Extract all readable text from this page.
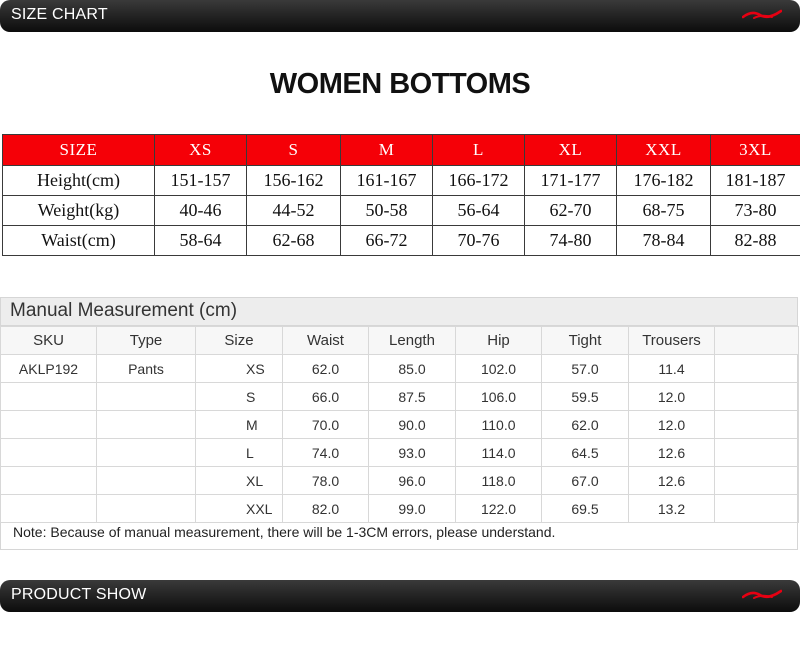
SIZE CHART
WOMEN BOTTOMS
SIZE	XS	S	M	L	XL	XXL	3XL
Height(cm)	151-157	156-162	161-167	166-172	171-177	176-182	181-187
Weight(kg)	40-46	44-52	50-58	56-64	62-70	68-75	73-80
Waist(cm)	58-64	62-68	66-72	70-76	74-80	78-84	82-88
Manual Measurement (cm)
SKU	Type	Size	Waist	Length	Hip	Tight	Trousers	
AKLP192	Pants	XS	62.0	85.0	102.0	57.0	11.4	
		S	66.0	87.5	106.0	59.5	12.0	
		M	70.0	90.0	110.0	62.0	12.0	
		L	74.0	93.0	114.0	64.5	12.6	
		XL	78.0	96.0	118.0	67.0	12.6	
		XXL	82.0	99.0	122.0	69.5	13.2	
Note: Because of manual measurement, there will be 1-3CM errors, please understand.
PRODUCT SHOW
